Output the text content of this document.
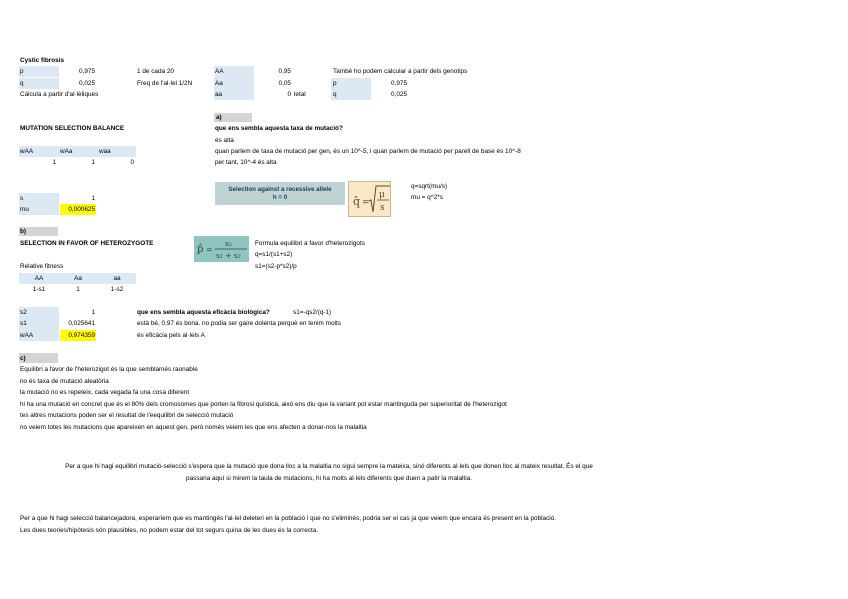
Cystic fibrosis
p	0,975	1 de cada 20
q	0,025	Freq de l'al·lel 1/2N
Càlcula a partir d'al·lèliques
AA	0,95
Aa	0,05
aa	0 letal
També ho podem calcular a partir dels genotips
p	0,975
q	0,025
a)
que ens sembla aquesta taxa de mutació?
és alta
quan parlem de taxa de mutació per gen, és un 10^-5, i quan parlem de mutació per parell de base és 10^-8
per tant, 10^-4 és alta
MUTATION SELECTION BALANCE
wAA	wAa	waa
1	1	0
s	1
mu	0,000625
Selection against a recessive allele
h = 0	q̂ =
μ
s
q=sqrt(mu/s)
mu = q^2*s
b)
SELECTION IN FAVOR OF HETEROZYGOTE
p̂ =
s₂
s₁ + s₂
Formula equilibri a favor d'heterozigots
q=s1/(s1+s2)
s1=(s2-p*s2)/p
Relative fitness
AA	Aa	aa
1-s1	1	1-s2
s2	1
s1	0,025641
wAA	0,974359
que ens sembla aquesta eficàcia biològica?	s1=-qs2/(q-1)
està bé, 0,97 és bona. no podia ser gaire dolenta perquè en tenim molts
és eficàcia pels al·lels A
c)
Equilibri a favor de l'heterozigot és la que semblamés raonable
no és taxa de mutació aleatòria
la mutació no es repeteix, cada vegada fa una cosa diferent
hi ha una mutació en concret que és el 80% dels cromosomes que porten la fibrosi quística, això ens diu que la variant pot estar mantinguda per superioritat de l'heterozigot
tes altres mutacions poden ser el resultat de l'eequilibri de selecció mutació
no veiem totes les mutacions que apareixen en aquest gen, però només veiem les que ens afecten a donar-nos la malaltia
Per a que hi hagi equilibri mutació-selecció s'espera que la mutació que dona lloc a la malaltia no sigui sempre la mateixa, sinó diferents al·lels que donen lloc al mateix resultat. És el que
passaria aquí si mirem la taula de mutacions, hi ha molts al·lels diferents que duen a patir la malaltia.
Per a que hi hagi selecció balancejadora, esperaríem que es mantingés l'al·lel deleteri en la població i que no s'eliminés, podria ser el cas ja que veiem que encara és present en la població.
Les dues teories/hipòtesis són plausibles, no podem estar del tot segurs quina de les dues és la correcta.
